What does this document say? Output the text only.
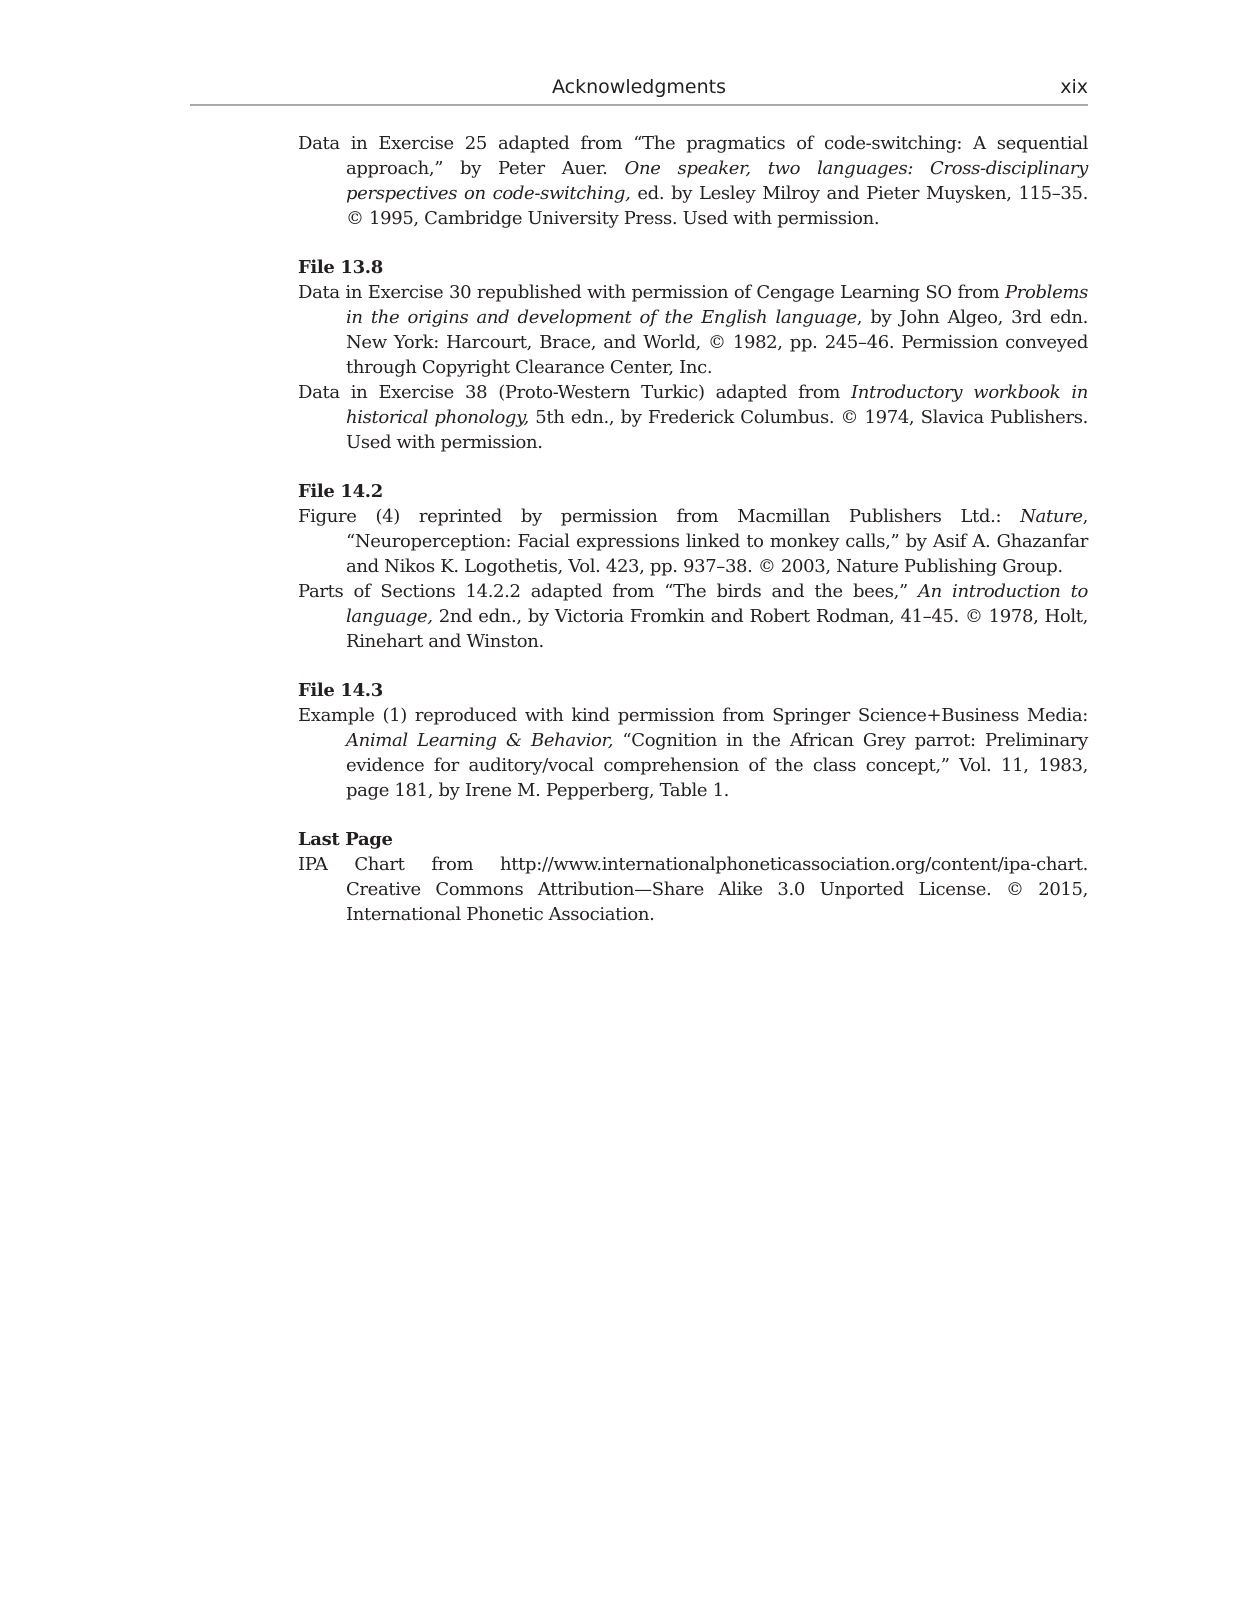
Acknowledgments	xix

Data in Exercise 25 adapted from “The pragmatics of code-switching: A sequential approach,” by Peter Auer. One speaker, two languages: Cross-disciplinary perspectives on code-switching, ed. by Lesley Milroy and Pieter Muysken, 115–35. © 1995, Cambridge University Press. Used with permission.

File 13.8

Data in Exercise 30 republished with permission of Cengage Learning SO from Problems in the origins and development of the English language, by John Algeo, 3rd edn. New York: Harcourt, Brace, and World, © 1982, pp. 245–46. Permission conveyed through Copyright Clearance Center, Inc.

Data in Exercise 38 (Proto-Western Turkic) adapted from Introductory workbook in historical phonology, 5th edn., by Frederick Columbus. © 1974, Slavica Publishers. Used with permission.

File 14.2

Figure (4) reprinted by permission from Macmillan Publishers Ltd.: Nature, “Neuroperception: Facial expressions linked to monkey calls,” by Asif A. Ghazanfar and Nikos K. Logothetis, Vol. 423, pp. 937–38. © 2003, Nature Publishing Group.

Parts of Sections 14.2.2 adapted from “The birds and the bees,” An introduction to language, 2nd edn., by Victoria Fromkin and Robert Rodman, 41–45. © 1978, Holt, Rinehart and Winston.

File 14.3

Example (1) reproduced with kind permission from Springer Science+Business Media: Animal Learning & Behavior, “Cognition in the African Grey parrot: Preliminary evidence for auditory/vocal comprehension of the class concept,” Vol. 11, 1983, page 181, by Irene M. Pepperberg, Table 1.

Last Page

IPA Chart from http://www.internationalphoneticassociation.org/content/ipa-chart. Creative Commons Attribution—Share Alike 3.0 Unported License. © 2015, International Phonetic Association.
